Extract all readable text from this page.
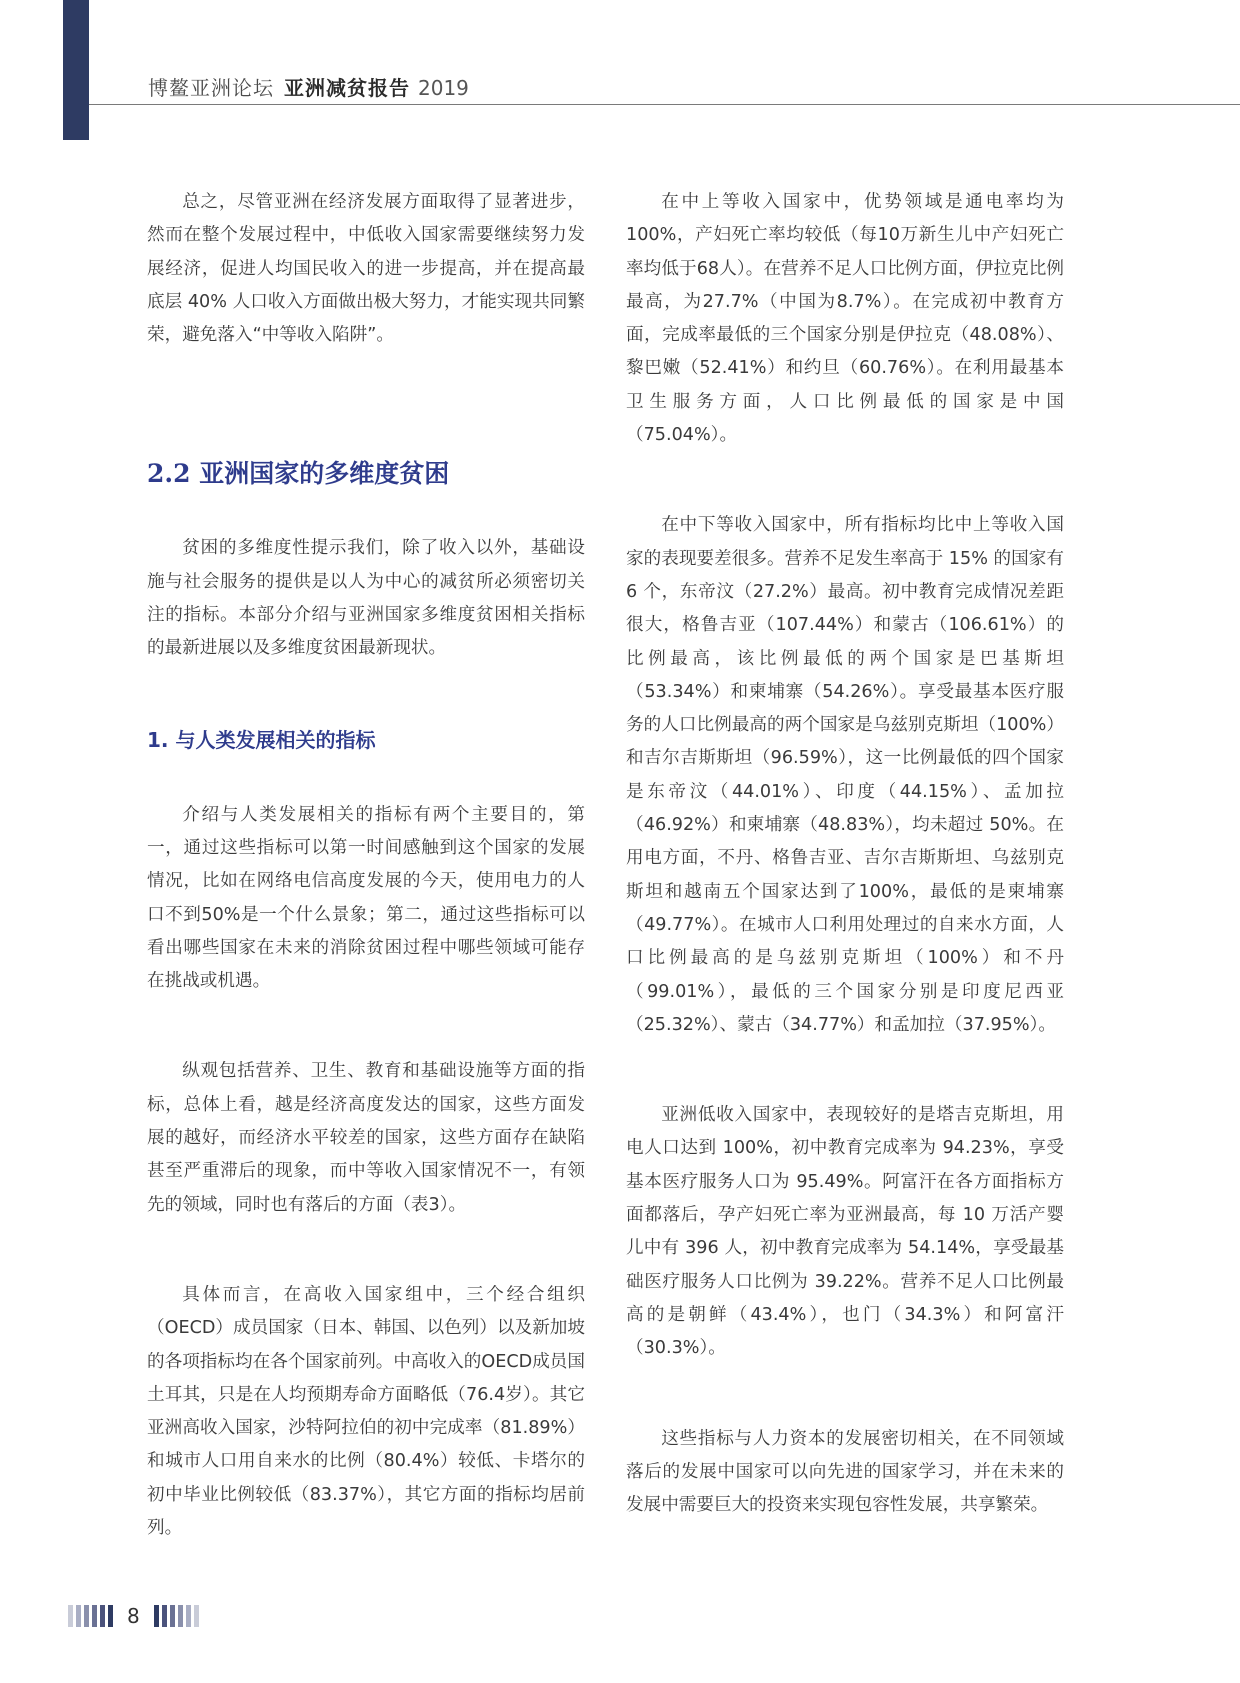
博鳌亚洲论坛 亚洲减贫报告 2019

总之，尽管亚洲在经济发展方面取得了显著进步，然而在整个发展过程中，中低收入国家需要继续努力发展经济，促进人均国民收入的进一步提高，并在提高最底层 40% 人口收入方面做出极大努力，才能实现共同繁荣，避免落入“中等收入陷阱”。

2.2 亚洲国家的多维度贫困

贫困的多维度性提示我们，除了收入以外，基础设施与社会服务的提供是以人为中心的减贫所必须密切关注的指标。本部分介绍与亚洲国家多维度贫困相关指标的最新进展以及多维度贫困最新现状。

1. 与人类发展相关的指标

介绍与人类发展相关的指标有两个主要目的，第一，通过这些指标可以第一时间感触到这个国家的发展情况，比如在网络电信高度发展的今天，使用电力的人口不到50%是一个什么景象；第二，通过这些指标可以看出哪些国家在未来的消除贫困过程中哪些领域可能存在挑战或机遇。

纵观包括营养、卫生、教育和基础设施等方面的指标，总体上看，越是经济高度发达的国家，这些方面发展的越好，而经济水平较差的国家，这些方面存在缺陷甚至严重滞后的现象，而中等收入国家情况不一，有领先的领域，同时也有落后的方面（表3）。

具体而言，在高收入国家组中，三个经合组织（OECD）成员国家（日本、韩国、以色列）以及新加坡的各项指标均在各个国家前列。中高收入的OECD成员国土耳其，只是在人均预期寿命方面略低（76.4岁）。其它亚洲高收入国家，沙特阿拉伯的初中完成率（81.89%）和城市人口用自来水的比例（80.4%）较低、卡塔尔的初中毕业比例较低（83.37%），其它方面的指标均居前列。

在中上等收入国家中，优势领域是通电率均为100%，产妇死亡率均较低（每10万新生儿中产妇死亡率均低于68人）。在营养不足人口比例方面，伊拉克比例最高，为27.7%（中国为8.7%）。在完成初中教育方面，完成率最低的三个国家分别是伊拉克（48.08%）、黎巴嫩（52.41%）和约旦（60.76%）。在利用最基本卫生服务方面，人口比例最低的国家是中国（75.04%）。

在中下等收入国家中，所有指标均比中上等收入国家的表现要差很多。营养不足发生率高于 15% 的国家有 6 个，东帝汶（27.2%）最高。初中教育完成情况差距很大，格鲁吉亚（107.44%）和蒙古（106.61%）的比例最高，该比例最低的两个国家是巴基斯坦（53.34%）和柬埔寨（54.26%）。享受最基本医疗服务的人口比例最高的两个国家是乌兹别克斯坦（100%）和吉尔吉斯斯坦（96.59%），这一比例最低的四个国家是东帝汶（44.01%）、印度（44.15%）、孟加拉（46.92%）和柬埔寨（48.83%），均未超过 50%。在用电方面，不丹、格鲁吉亚、吉尔吉斯斯坦、乌兹别克斯坦和越南五个国家达到了100%，最低的是柬埔寨（49.77%）。在城市人口利用处理过的自来水方面，人口比例最高的是乌兹别克斯坦（100%）和不丹（99.01%），最低的三个国家分别是印度尼西亚（25.32%）、蒙古（34.77%）和孟加拉（37.95%）。

亚洲低收入国家中，表现较好的是塔吉克斯坦，用电人口达到 100%，初中教育完成率为 94.23%，享受基本医疗服务人口为 95.49%。阿富汗在各方面指标方面都落后，孕产妇死亡率为亚洲最高，每 10 万活产婴儿中有 396 人，初中教育完成率为 54.14%，享受最基础医疗服务人口比例为 39.22%。营养不足人口比例最高的是朝鲜（43.4%），也门（34.3%）和阿富汗（30.3%）。

这些指标与人力资本的发展密切相关，在不同领域落后的发展中国家可以向先进的国家学习，并在未来的发展中需要巨大的投资来实现包容性发展，共享繁荣。

8
